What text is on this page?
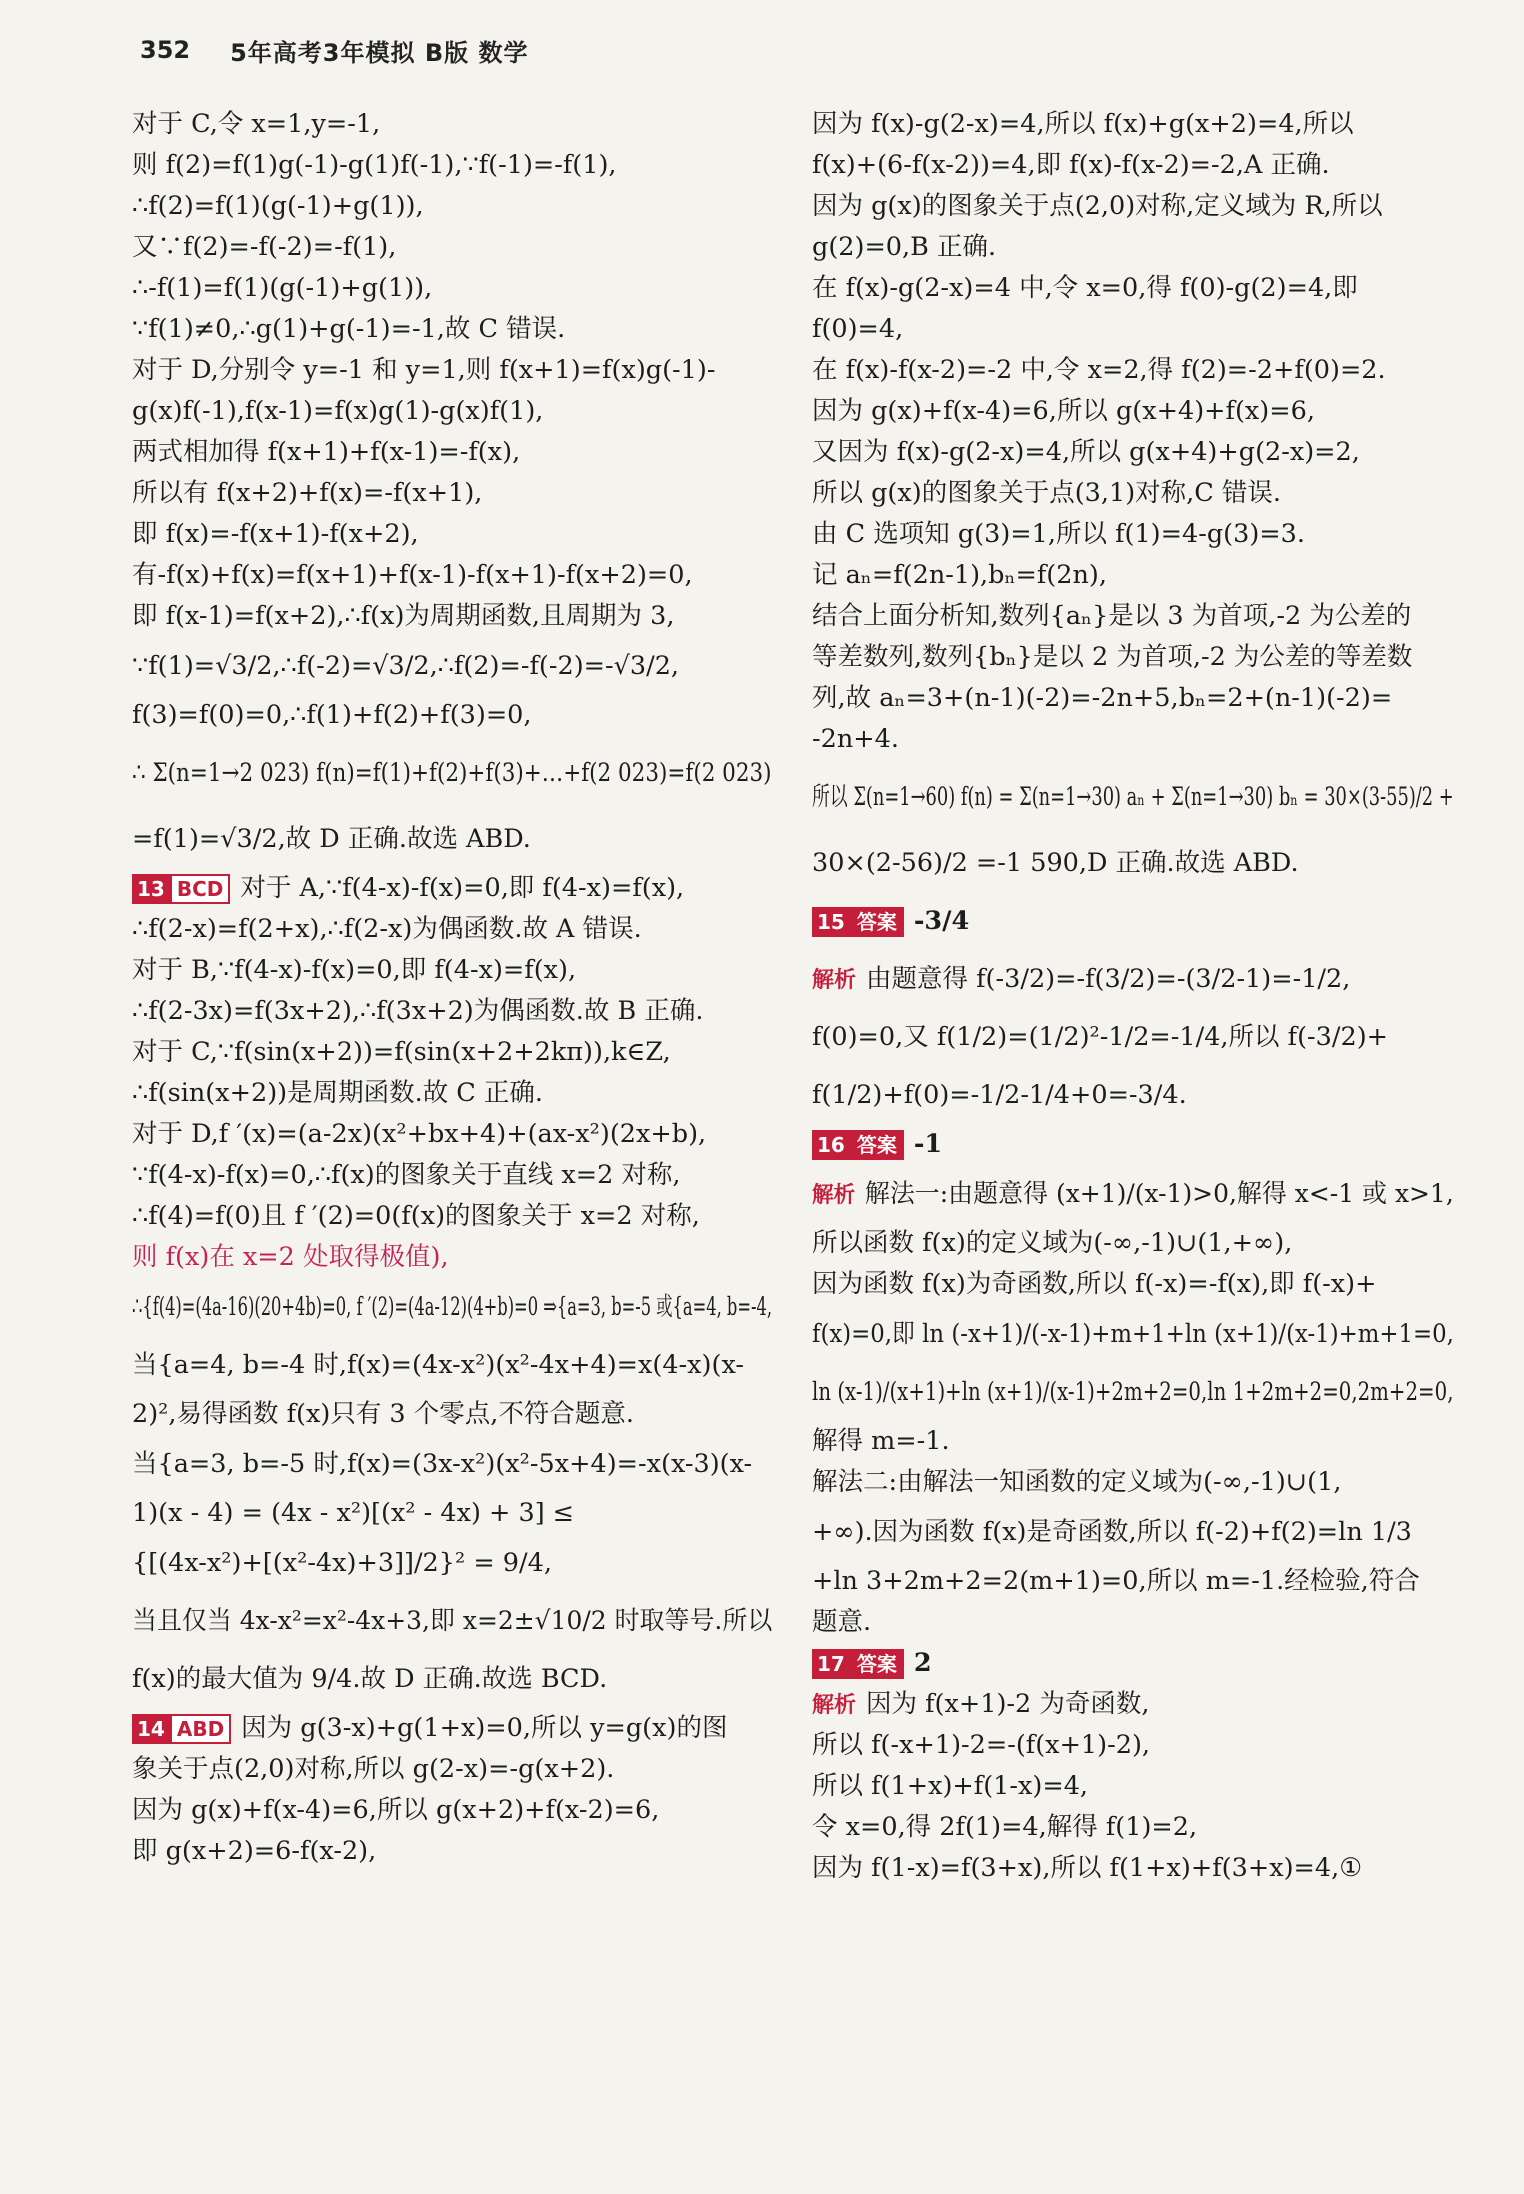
352 5年高考3年模拟 B版 数学
对于 C,令 x=1,y=-1,
则 f(2)=f(1)g(-1)-g(1)f(-1),∵f(-1)=-f(1),
∴f(2)=f(1)(g(-1)+g(1)),
又∵f(2)=-f(-2)=-f(1),
∴-f(1)=f(1)(g(-1)+g(1)),
∵f(1)≠0,∴g(1)+g(-1)=-1,故 C 错误.
对于 D,分别令 y=-1 和 y=1,则 f(x+1)=f(x)g(-1)-
g(x)f(-1),f(x-1)=f(x)g(1)-g(x)f(1),
两式相加得 f(x+1)+f(x-1)=-f(x),
所以有 f(x+2)+f(x)=-f(x+1),
即 f(x)=-f(x+1)-f(x+2),
有-f(x)+f(x)=f(x+1)+f(x-1)-f(x+1)-f(x+2)=0,
即 f(x-1)=f(x+2),∴f(x)为周期函数,且周期为 3,
∵f(1)=√3/2,∴f(-2)=√3/2,∴f(2)=-f(-2)=-√3/2,
f(3)=f(0)=0,∴f(1)+f(2)+f(3)=0,
∴ Σ(n=1→2 023) f(n)=f(1)+f(2)+f(3)+…+f(2 023)=f(2 023)
=f(1)=√3/2,故 D 正确.故选 ABD.
13 BCD 对于 A,∵f(4-x)-f(x)=0,即 f(4-x)=f(x),
∴f(2-x)=f(2+x),∴f(2-x)为偶函数.故 A 错误.
对于 B,∵f(4-x)-f(x)=0,即 f(4-x)=f(x),
∴f(2-3x)=f(3x+2),∴f(3x+2)为偶函数.故 B 正确.
对于 C,∵f(sin(x+2))=f(sin(x+2+2kπ)),k∈Z,
∴f(sin(x+2))是周期函数.故 C 正确.
对于 D,f ′(x)=(a-2x)(x²+bx+4)+(ax-x²)(2x+b),
∵f(4-x)-f(x)=0,∴f(x)的图象关于直线 x=2 对称,
∴f(4)=f(0)且 f ′(2)=0(f(x)的图象关于 x=2 对称,
则 f(x)在 x=2 处取得极值),
∴{f(4)=(4a-16)(20+4b)=0, f ′(2)=(4a-12)(4+b)=0 ⇒{a=3, b=-5 或{a=4, b=-4,
当{a=4, b=-4 时,f(x)=(4x-x²)(x²-4x+4)=x(4-x)(x-
2)²,易得函数 f(x)只有 3 个零点,不符合题意.
当{a=3, b=-5 时,f(x)=(3x-x²)(x²-5x+4)=-x(x-3)(x-
1)(x - 4) = (4x - x²)[(x² - 4x) + 3] ≤
{[(4x-x²)+[(x²-4x)+3]]/2}² = 9/4,
当且仅当 4x-x²=x²-4x+3,即 x=2±√10/2 时取等号.所以
f(x)的最大值为 9/4.故 D 正确.故选 BCD.
14 ABD 因为 g(3-x)+g(1+x)=0,所以 y=g(x)的图
象关于点(2,0)对称,所以 g(2-x)=-g(x+2).
因为 g(x)+f(x-4)=6,所以 g(x+2)+f(x-2)=6,
即 g(x+2)=6-f(x-2),
因为 f(x)-g(2-x)=4,所以 f(x)+g(x+2)=4,所以
f(x)+(6-f(x-2))=4,即 f(x)-f(x-2)=-2,A 正确.
因为 g(x)的图象关于点(2,0)对称,定义域为 R,所以
g(2)=0,B 正确.
在 f(x)-g(2-x)=4 中,令 x=0,得 f(0)-g(2)=4,即
f(0)=4,
在 f(x)-f(x-2)=-2 中,令 x=2,得 f(2)=-2+f(0)=2.
因为 g(x)+f(x-4)=6,所以 g(x+4)+f(x)=6,
又因为 f(x)-g(2-x)=4,所以 g(x+4)+g(2-x)=2,
所以 g(x)的图象关于点(3,1)对称,C 错误.
由 C 选项知 g(3)=1,所以 f(1)=4-g(3)=3.
记 aₙ=f(2n-1),bₙ=f(2n),
结合上面分析知,数列{aₙ}是以 3 为首项,-2 为公差的
等差数列,数列{bₙ}是以 2 为首项,-2 为公差的等差数
列,故 aₙ=3+(n-1)(-2)=-2n+5,bₙ=2+(n-1)(-2)=
-2n+4.
所以 Σ(n=1→60) f(n) = Σ(n=1→30) aₙ + Σ(n=1→30) bₙ = 30×(3-55)/2 +
30×(2-56)/2 =-1 590,D 正确.故选 ABD.
15 答案 -3/4
解析 由题意得 f(-3/2)=-f(3/2)=-(3/2-1)=-1/2,
f(0)=0,又 f(1/2)=(1/2)²-1/2=-1/4,所以 f(-3/2)+
f(1/2)+f(0)=-1/2-1/4+0=-3/4.
16 答案 -1
解析 解法一:由题意得 (x+1)/(x-1)>0,解得 x<-1 或 x>1,
所以函数 f(x)的定义域为(-∞,-1)∪(1,+∞),
因为函数 f(x)为奇函数,所以 f(-x)=-f(x),即 f(-x)+
f(x)=0,即 ln (-x+1)/(-x-1)+m+1+ln (x+1)/(x-1)+m+1=0,
ln (x-1)/(x+1)+ln (x+1)/(x-1)+2m+2=0,ln 1+2m+2=0,2m+2=0,
解得 m=-1.
解法二:由解法一知函数的定义域为(-∞,-1)∪(1,
+∞).因为函数 f(x)是奇函数,所以 f(-2)+f(2)=ln 1/3
+ln 3+2m+2=2(m+1)=0,所以 m=-1.经检验,符合
题意.
17 答案 2
解析 因为 f(x+1)-2 为奇函数,
所以 f(-x+1)-2=-(f(x+1)-2),
所以 f(1+x)+f(1-x)=4,
令 x=0,得 2f(1)=4,解得 f(1)=2,
因为 f(1-x)=f(3+x),所以 f(1+x)+f(3+x)=4,①
